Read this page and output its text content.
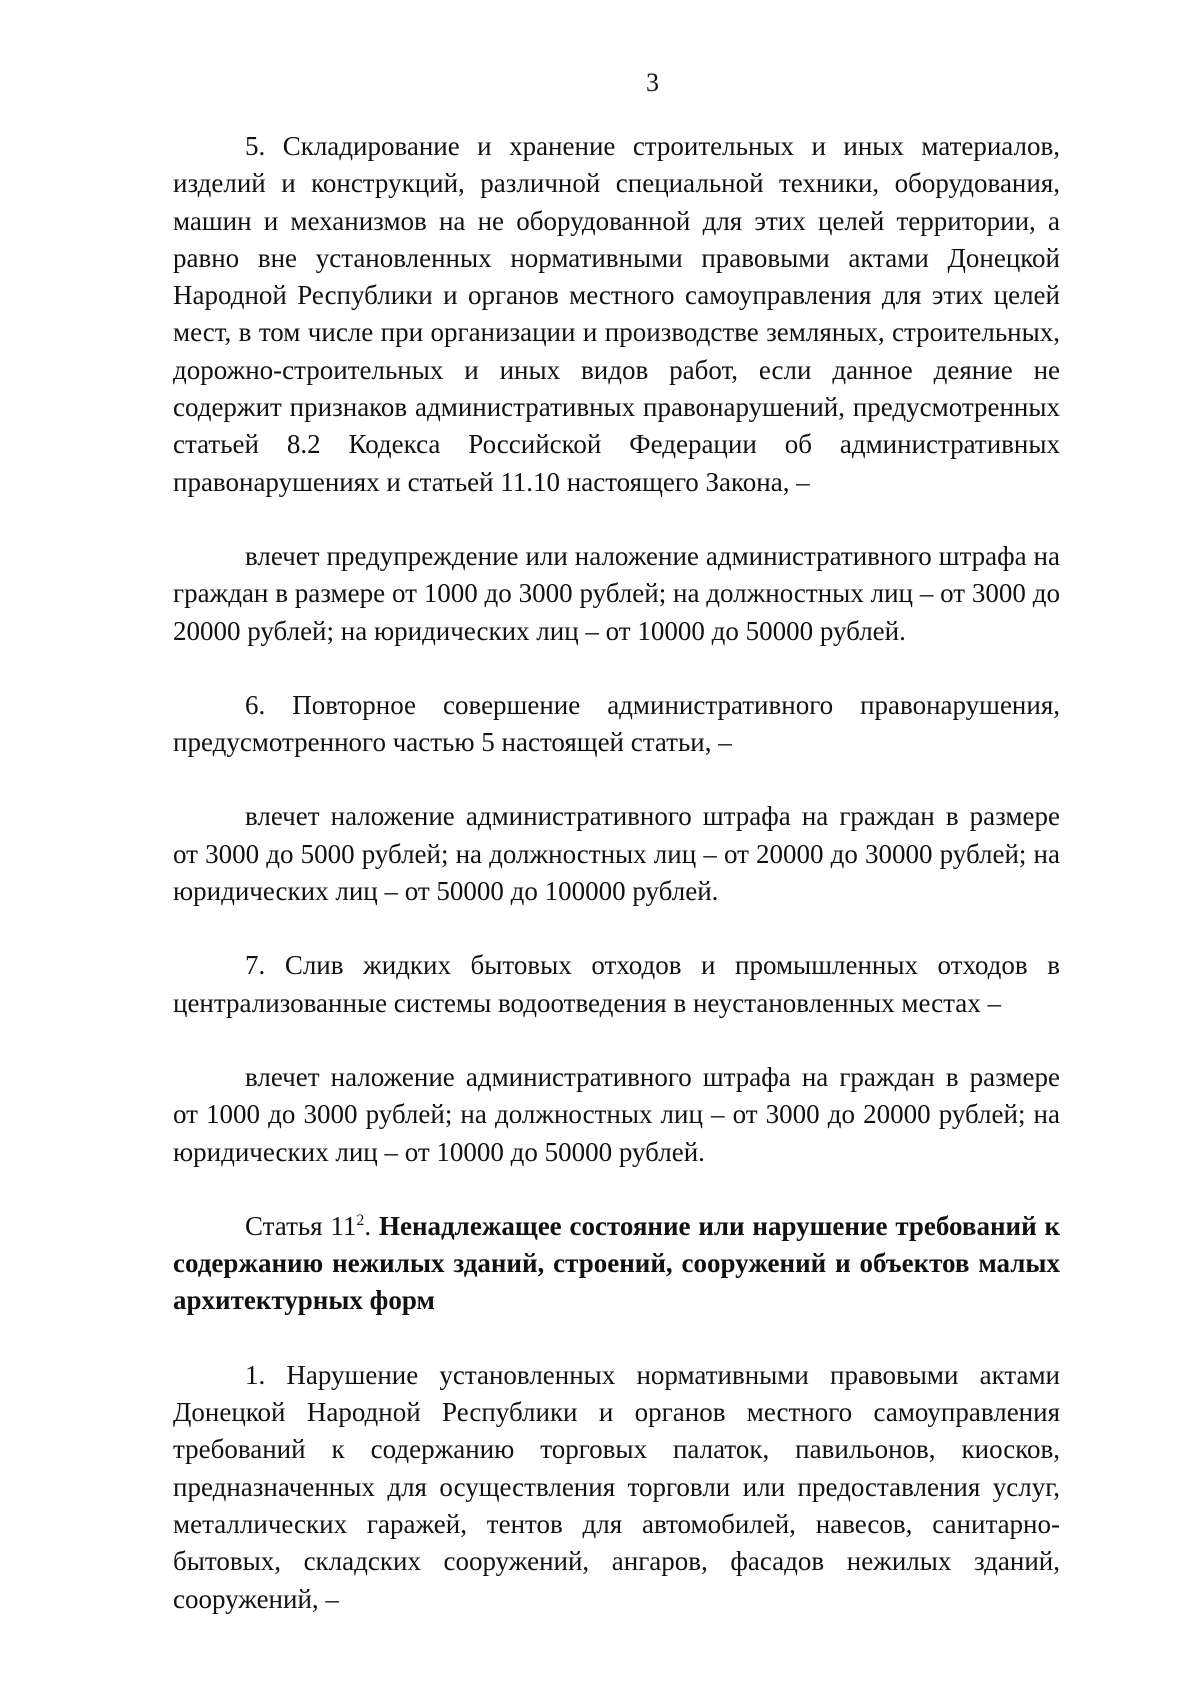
3

5. Складирование и хранение строительных и иных материалов, изделий и конструкций, различной специальной техники, оборудования, машин и механизмов на не оборудованной для этих целей территории, а равно вне установленных нормативными правовыми актами Донецкой Народной Республики и органов местного самоуправления для этих целей мест, в том числе при организации и производстве земляных, строительных, дорожно-строительных и иных видов работ, если данное деяние не содержит признаков административных правонарушений, предусмотренных статьей 8.2 Кодекса Российской Федерации об административных правонарушениях и статьей 11.10 настоящего Закона, –

влечет предупреждение или наложение административного штрафа на граждан в размере от 1000 до 3000 рублей; на должностных лиц – от 3000 до 20000 рублей; на юридических лиц – от 10000 до 50000 рублей.

6. Повторное совершение административного правонарушения, предусмотренного частью 5 настоящей статьи, –

влечет наложение административного штрафа на граждан в размере от 3000 до 5000 рублей; на должностных лиц – от 20000 до 30000 рублей; на юридических лиц – от 50000 до 100000 рублей.

7. Слив жидких бытовых отходов и промышленных отходов в централизованные системы водоотведения в неустановленных местах –

влечет наложение административного штрафа на граждан в размере от 1000 до 3000 рублей; на должностных лиц – от 3000 до 20000 рублей; на юридических лиц – от 10000 до 50000 рублей.

Статья $11^2$. Ненадлежащее состояние или нарушение требований к содержанию нежилых зданий, строений, сооружений и объектов малых архитектурных форм

1. Нарушение установленных нормативными правовыми актами Донецкой Народной Республики и органов местного самоуправления требований к содержанию торговых палаток, павильонов, киосков, предназначенных для осуществления торговли или предоставления услуг, металлических гаражей, тентов для автомобилей, навесов, санитарно-бытовых, складских сооружений, ангаров, фасадов нежилых зданий, сооружений, –
